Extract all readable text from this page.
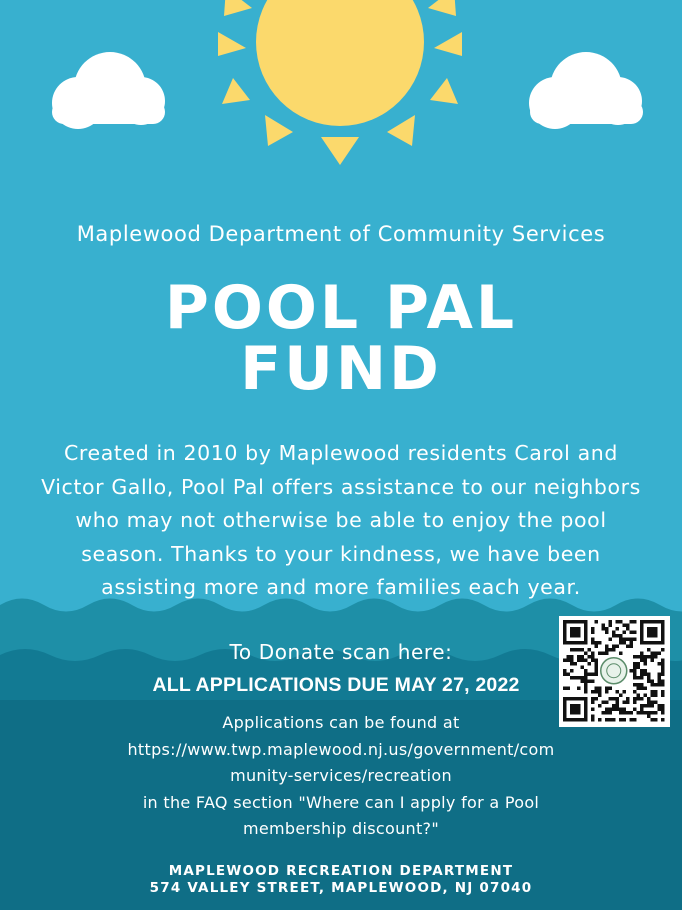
Maplewood Department of Community Services

POOL PAL

FUND

Created in 2010 by Maplewood residents Carol and Victor Gallo, Pool Pal offers assistance to our neighbors who may not otherwise be able to enjoy the pool season. Thanks to your kindness, we have been assisting more and more families each year.

To Donate scan here:

ALL APPLICATIONS DUE MAY 27, 2022

Applications can be found at
https://www.twp.maplewood.nj.us/government/com
munity-services/recreation
in the FAQ section "Where can I apply for a Pool
membership discount?"
MAPLEWOOD RECREATION DEPARTMENT
574 VALLEY STREET, MAPLEWOOD, NJ 07040
